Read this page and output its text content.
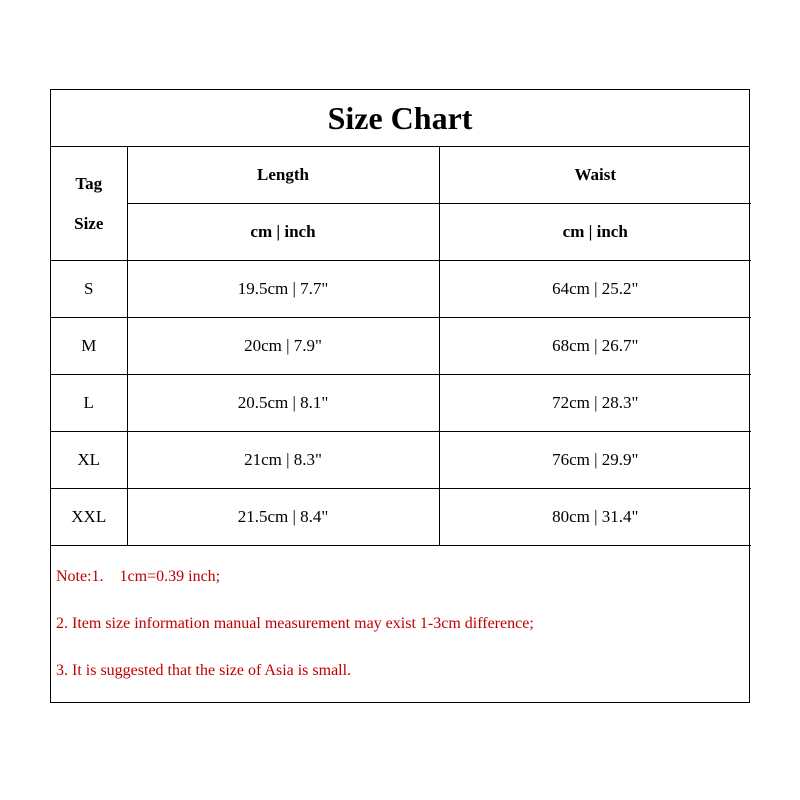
Size Chart
Tag
Size	Length	Waist
	cm | inch	cm | inch
S	19.5cm | 7.7"	64cm | 25.2"
M	20cm | 7.9"	68cm | 26.7"
L	20.5cm | 8.1"	72cm | 28.3"
XL	21cm | 8.3"	76cm | 29.9"
XXL	21.5cm | 8.4"	80cm | 31.4"
Note:1.    1cm=0.39 inch;
2. Item size information manual measurement may exist 1-3cm difference;
3. It is suggested that the size of Asia is small.
